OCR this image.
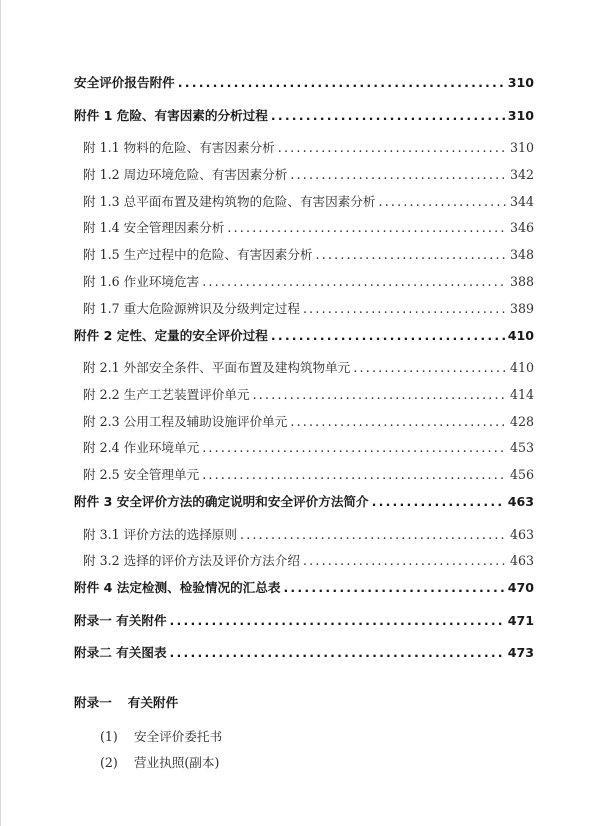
安全评价报告附件 .....	310
附件 1 危险、有害因素的分析过程 .....	310
附 1.1 物料的危险、有害因素分析 .....	310
附 1.2 周边环境危险、有害因素分析 .....	342
附 1.3 总平面布置及建构筑物的危险、有害因素分析 .....	344
附 1.4 安全管理因素分析 .....	346
附 1.5 生产过程中的危险、有害因素分析 .....	348
附 1.6 作业环境危害 .....	388
附 1.7 重大危险源辨识及分级判定过程 .....	389
附件 2 定性、定量的安全评价过程 .....	410
附 2.1 外部安全条件、平面布置及建构筑物单元 .....	410
附 2.2 生产工艺装置评价单元 .....	414
附 2.3 公用工程及辅助设施评价单元 .....	428
附 2.4 作业环境单元 .....	453
附 2.5 安全管理单元 .....	456
附件 3 安全评价方法的确定说明和安全评价方法简介 .....	463
附 3.1 评价方法的选择原则 .....	463
附 3.2 选择的评价方法及评价方法介绍 .....	463
附件 4 法定检测、检验情况的汇总表 .....	470
附录一 有关附件 .....	471
附录二 有关图表 .....	473
附录一 有关附件
(1) 安全评价委托书
(2) 营业执照(副本)
